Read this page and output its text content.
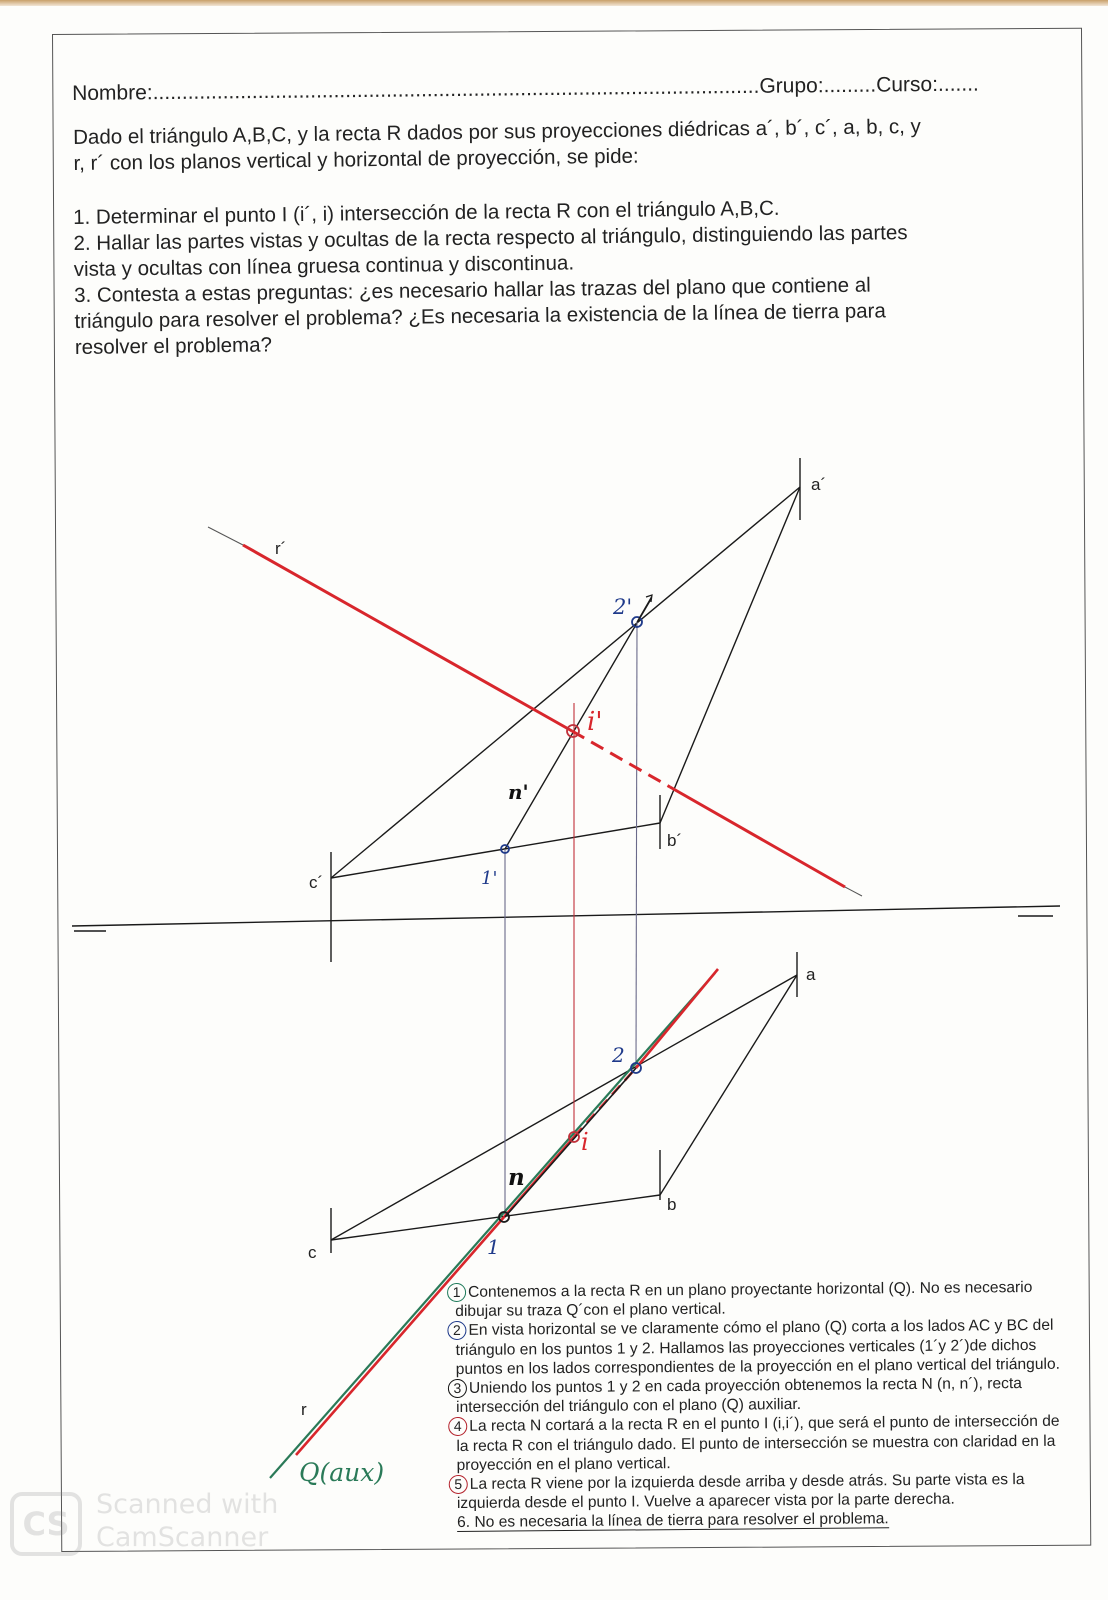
Nombre:........................................................................................................Grupo:.........Curso:.......

Dado el triángulo A,B,C, y la recta R dados por sus proyecciones diédricas a´, b´, c´, a, b, c, y

r, r´ con los planos vertical y horizontal de proyección, se pide:

1. Determinar el punto I (i´, i) intersección de la recta R con el triángulo A,B,C.

2. Hallar las partes vistas y ocultas de la recta respecto al triángulo, distinguiendo las partes

vista y ocultas con línea gruesa continua y discontinua.

3. Contesta a estas preguntas: ¿es necesario hallar las trazas del plano que contiene al

triángulo para resolver el problema? ¿Es necesaria la existencia de la línea de tierra para

resolver el problema?

a´
b´
c´
r´
a
b
c
r
2'
i'
n'
1'
2
i
n
1
Q(aux)

1 Contenemos a la recta R en un plano proyectante horizontal (Q). No es necesario dibujar su traza Q´con el plano vertical.

2 En vista horizontal se ve claramente cómo el plano (Q) corta a los lados AC y BC del triángulo en los puntos 1 y 2. Hallamos las proyecciones verticales (1´y 2´)de dichos puntos en los lados correspondientes de la proyección en el plano vertical del triángulo.

3 Uniendo los puntos 1 y 2 en cada proyección obtenemos la recta N (n, n´), recta intersección del triángulo con el plano (Q) auxiliar.

4 La recta N cortará a la recta R en el punto I (i,i´), que será el punto de intersección de la recta R con el triángulo dado. El punto de intersección se muestra con claridad en la proyección en el plano vertical.

5 La recta R viene por la izquierda desde arriba y desde atrás. Su parte vista es la izquierda desde el punto I. Vuelve a aparecer vista por la parte derecha.

6. No es necesaria la línea de tierra para resolver el problema.

CS
Scanned with
CamScanner
